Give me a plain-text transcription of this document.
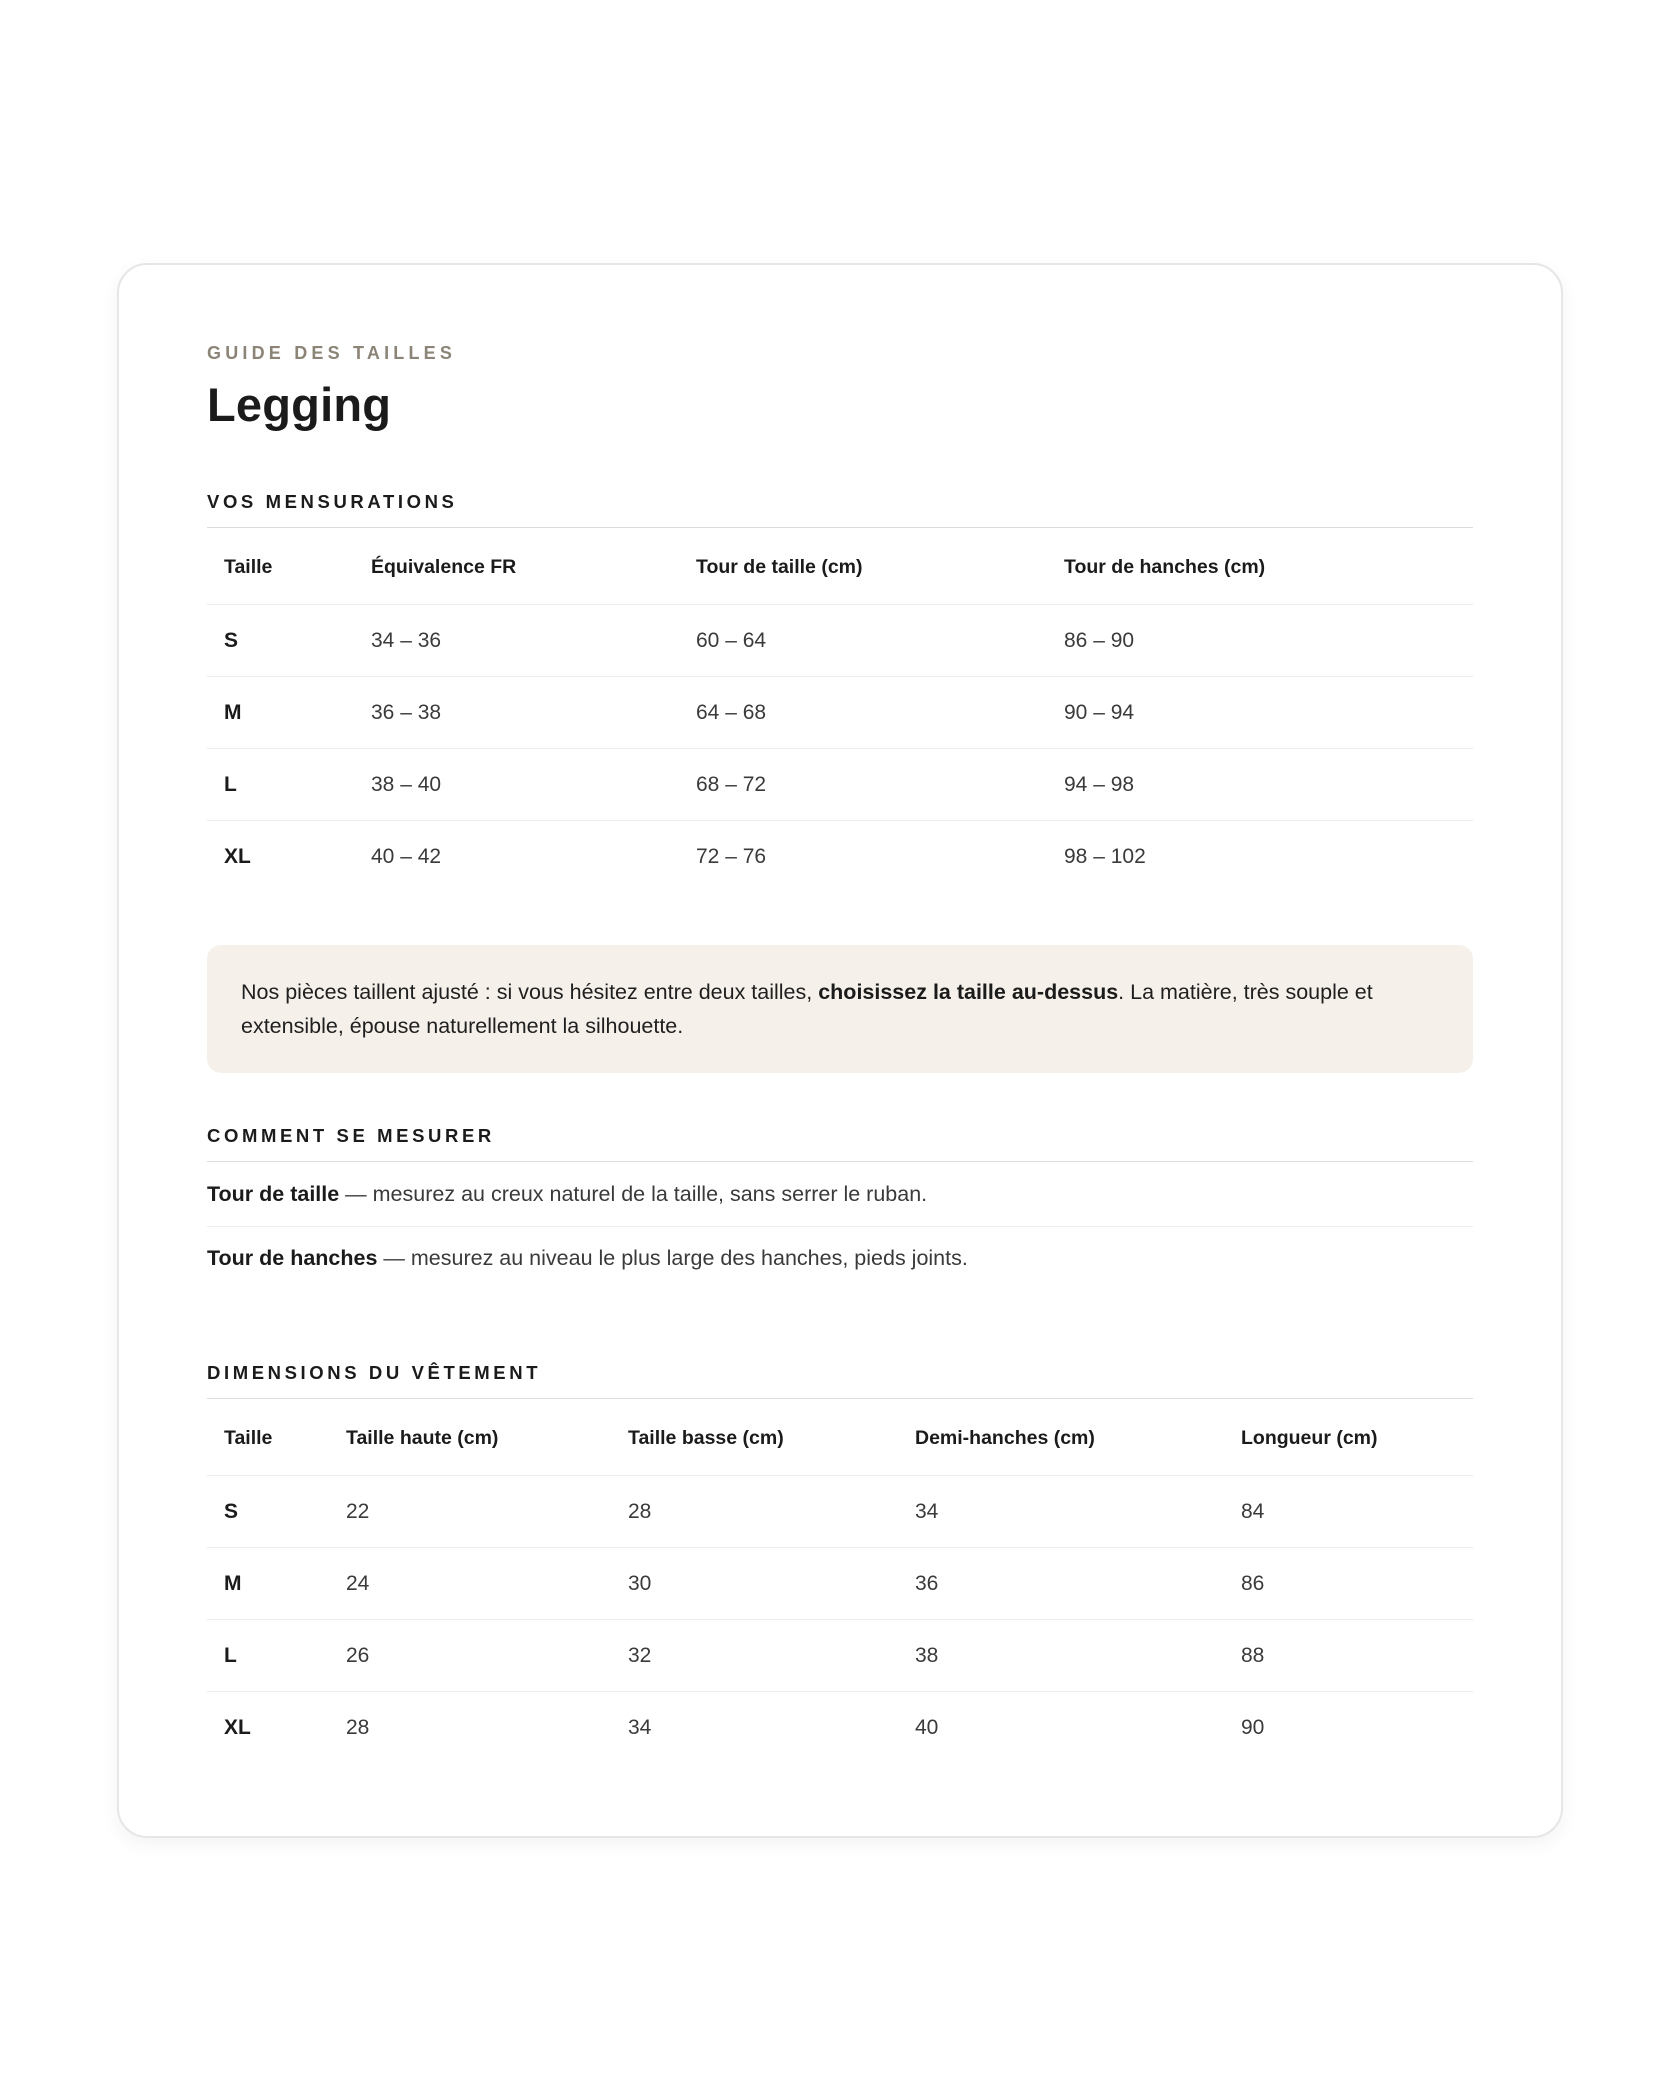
GUIDE DES TAILLES
Legging
VOS MENSURATIONS
Taille	Équivalence FR	Tour de taille (cm)	Tour de hanches (cm)
S	34 – 36	60 – 64	86 – 90
M	36 – 38	64 – 68	90 – 94
L	38 – 40	68 – 72	94 – 98
XL	40 – 42	72 – 76	98 – 102
Nos pièces taillent ajusté : si vous hésitez entre deux tailles, choisissez la taille au-dessus. La matière, très souple et extensible, épouse naturellement la silhouette.
COMMENT SE MESURER
Tour de taille — mesurez au creux naturel de la taille, sans serrer le ruban.
Tour de hanches — mesurez au niveau le plus large des hanches, pieds joints.
DIMENSIONS DU VÊTEMENT
Taille	Taille haute (cm)	Taille basse (cm)	Demi-hanches (cm)	Longueur (cm)
S	22	28	34	84
M	24	30	36	86
L	26	32	38	88
XL	28	34	40	90
